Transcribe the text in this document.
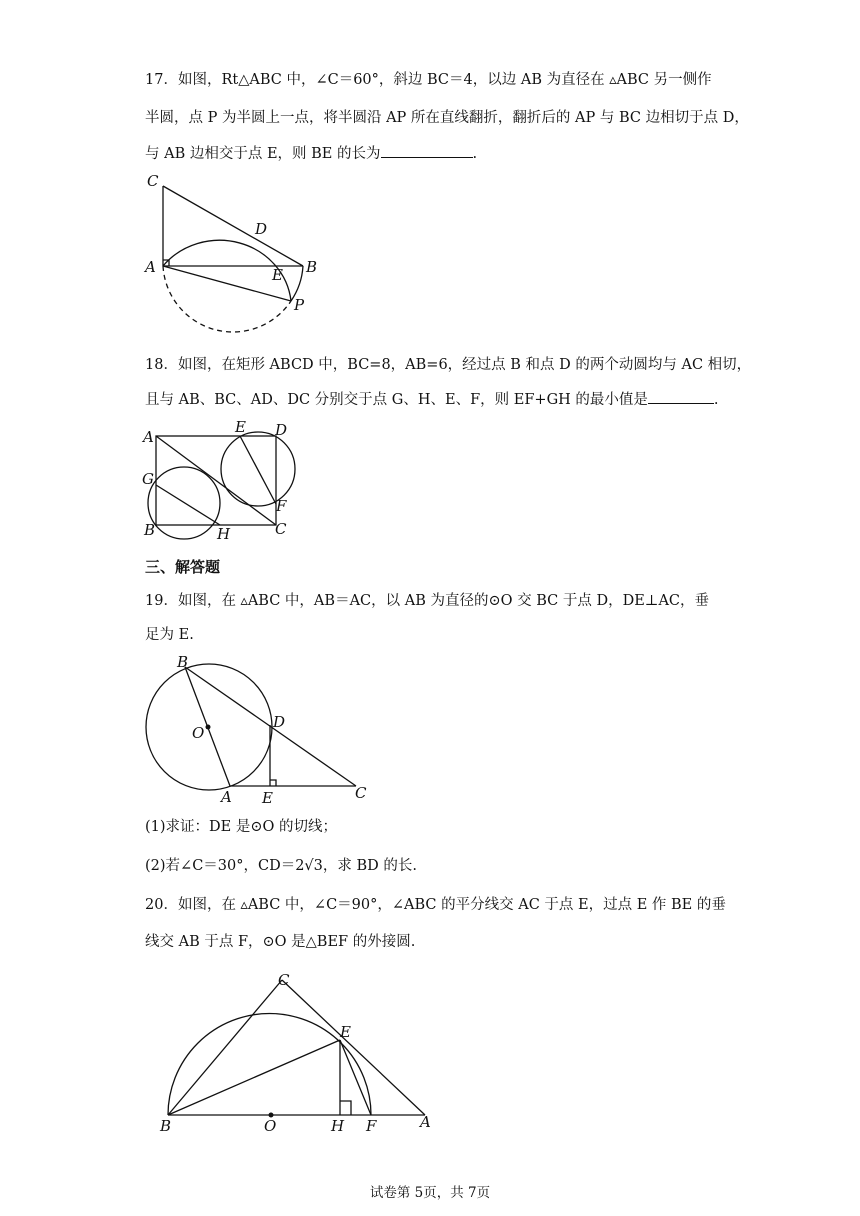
17．如图，Rt△ABC 中，∠C＝60°，斜边 BC＝4，以边 AB 为直径在 ▵ABC 另一侧作
半圆，点 P 为半圆上一点，将半圆沿 AP 所在直线翻折，翻折后的 AP 与 BC 边相切于点 D，
与 AB 边相交于点 E，则 BE 的长为	.
C
D
A	E B
P
18．如图，在矩形 ABCD 中，BC=8，AB=6，经过点 B 和点 D 的两个动圆均与 AC 相切，
且与 AB、BC、AD、DC 分别交于点 G、H、E、F，则 EF+GH 的最小值是	.
A
E D
G
F
B	H	C
三、解答题
19．如图，在 ▵ABC 中，AB＝AC，以 AB 为直径的⊙O 交 BC 于点 D，DE⊥AC，垂
足为 E.
B
O
D
A E	C
(1)求证：DE 是⊙O 的切线；
(2)若∠C＝30°，CD＝2√3，求 BD 的长.
20．如图，在 ▵ABC 中，∠C＝90°，∠ABC 的平分线交 AC 于点 E，过点 E 作 BE 的垂
线交 AB 于点 F，⊙O 是△BEF 的外接圆.
C
E
B	O	H F	A
试卷第 5页，共 7页
